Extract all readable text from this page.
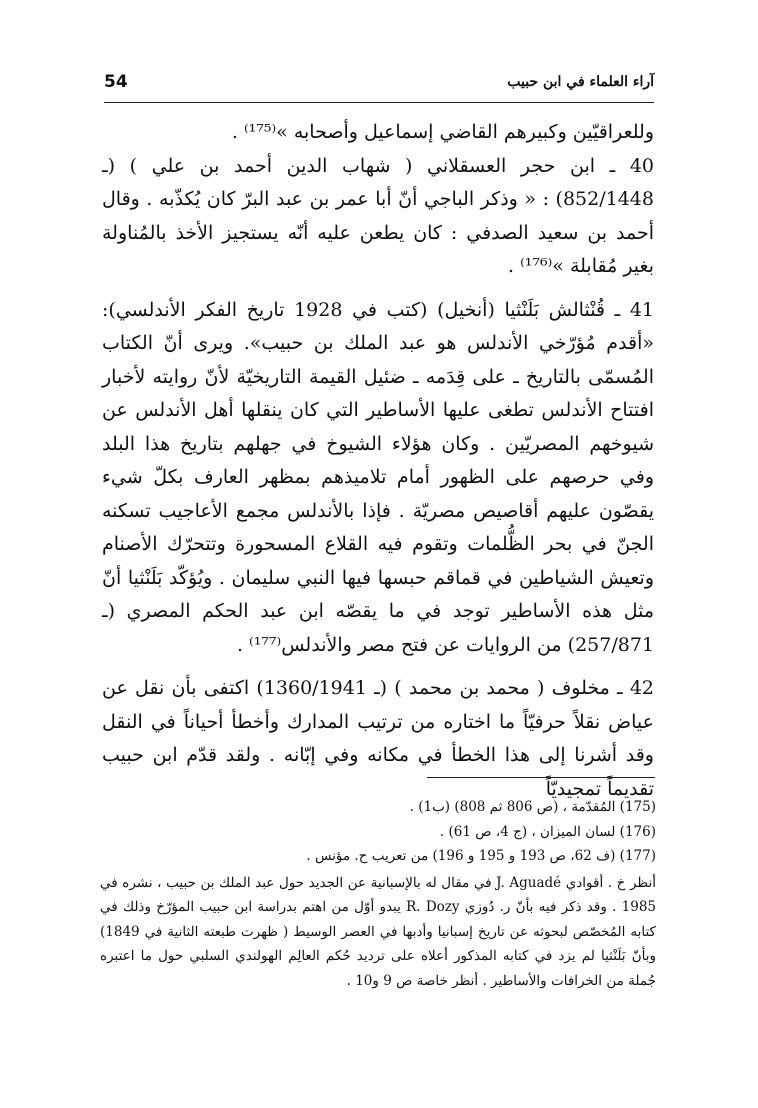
54	آراء العلماء في ابن حبيب

وللعراقيّين وكبيرهم القاضي إسماعيل وأصحابه »⁽¹⁷⁵⁾ .

40 ـ ابن حجر العسقلاني ( شهاب الدين أحمد بن علي ) (ـ 852/1448) : « وذكر الباجي أنّ أبا عمر بن عبد البرّ كان يُكذّبه . وقال أحمد بن سعيد الصدفي : كان يطعن عليه أنّه يستجيز الأخذ بالمُناولة بغير مُقابلة »⁽¹⁷⁶⁾ .

41 ـ قُنْثالش بَلَنْثيا (أنخيل) (كتب في 1928 تاريخ الفكر الأندلسي): «أقدم مُؤرّخي الأندلس هو عبد الملك بن حبيب». ويرى أنّ الكتاب المُسمّى بالتاريخ ـ على قِدَمه ـ ضئيل القيمة التاريخيّة لأنّ روايته لأخبار افتتاح الأندلس تطغى عليها الأساطير التي كان ينقلها أهل الأندلس عن شيوخهم المصريّين . وكان هؤلاء الشيوخ في جهلهم بتاريخ هذا البلد وفي حرصهم على الظهور أمام تلاميذهم بمظهر العارف بكلّ شيء يقصّون عليهم أقاصيص مصريّة . فإذا بالأندلس مجمع الأعاجيب تسكنه الجنّ في بحر الظُّلمات وتقوم فيه القلاع المسحورة وتتحرّك الأصنام وتعيش الشياطين في قماقم حبسها فيها النبي سليمان . ويُؤكّد بَلَنْثيا أنّ مثل هذه الأساطير توجد في ما يقصّه ابن عبد الحكم المصري (ـ 257/871) من الروايات عن فتح مصر والأندلس⁽¹⁷⁷⁾ .

42 ـ مخلوف ( محمد بن محمد ) (ـ 1360/1941) اكتفى بأن نقل عن عياض نقلاً حرفيّاً ما اختاره من ترتيب المدارك وأخطأ أحياناً في النقل وقد أشرنا إلى هذا الخطأ في مكانه وفي إبّانه . ولقد قدّم ابن حبيب تقديماً تمجيديّاً

(175) المُقدّمة ، (ص 806 ثم 808) (ب1) .

(176) لسان الميزان ، (ج 4، ص 61) .

(177) (ف 62، ص 193 و 195 و 196) من تعريب ح. مؤنس .

أنظر خ . أقوادي J. Aguadé في مقال له بالإسبانية عن الجديد حول عبد الملك بن حبيب ، نشره في 1985 . وقد ذكر فيه بأنّ ر. دُوزي R. Dozy يبدو أوّل من اهتم بدراسة ابن حبيب المؤرّخ وذلك في كتابه المُخصّص لبحوثه عن تاريخ إسبانيا وأدبها في العصر الوسيط ( ظهرت طبعته الثانية في 1849) وبأنّ بَلَنْثيا لم يزد في كتابه المذكور أعلاه على ترديد حُكم العالِم الهولندي السلبي حول ما اعتبره جُملة من الخرافات والأساطير . أنظر خاصة ص 9 و10 .
